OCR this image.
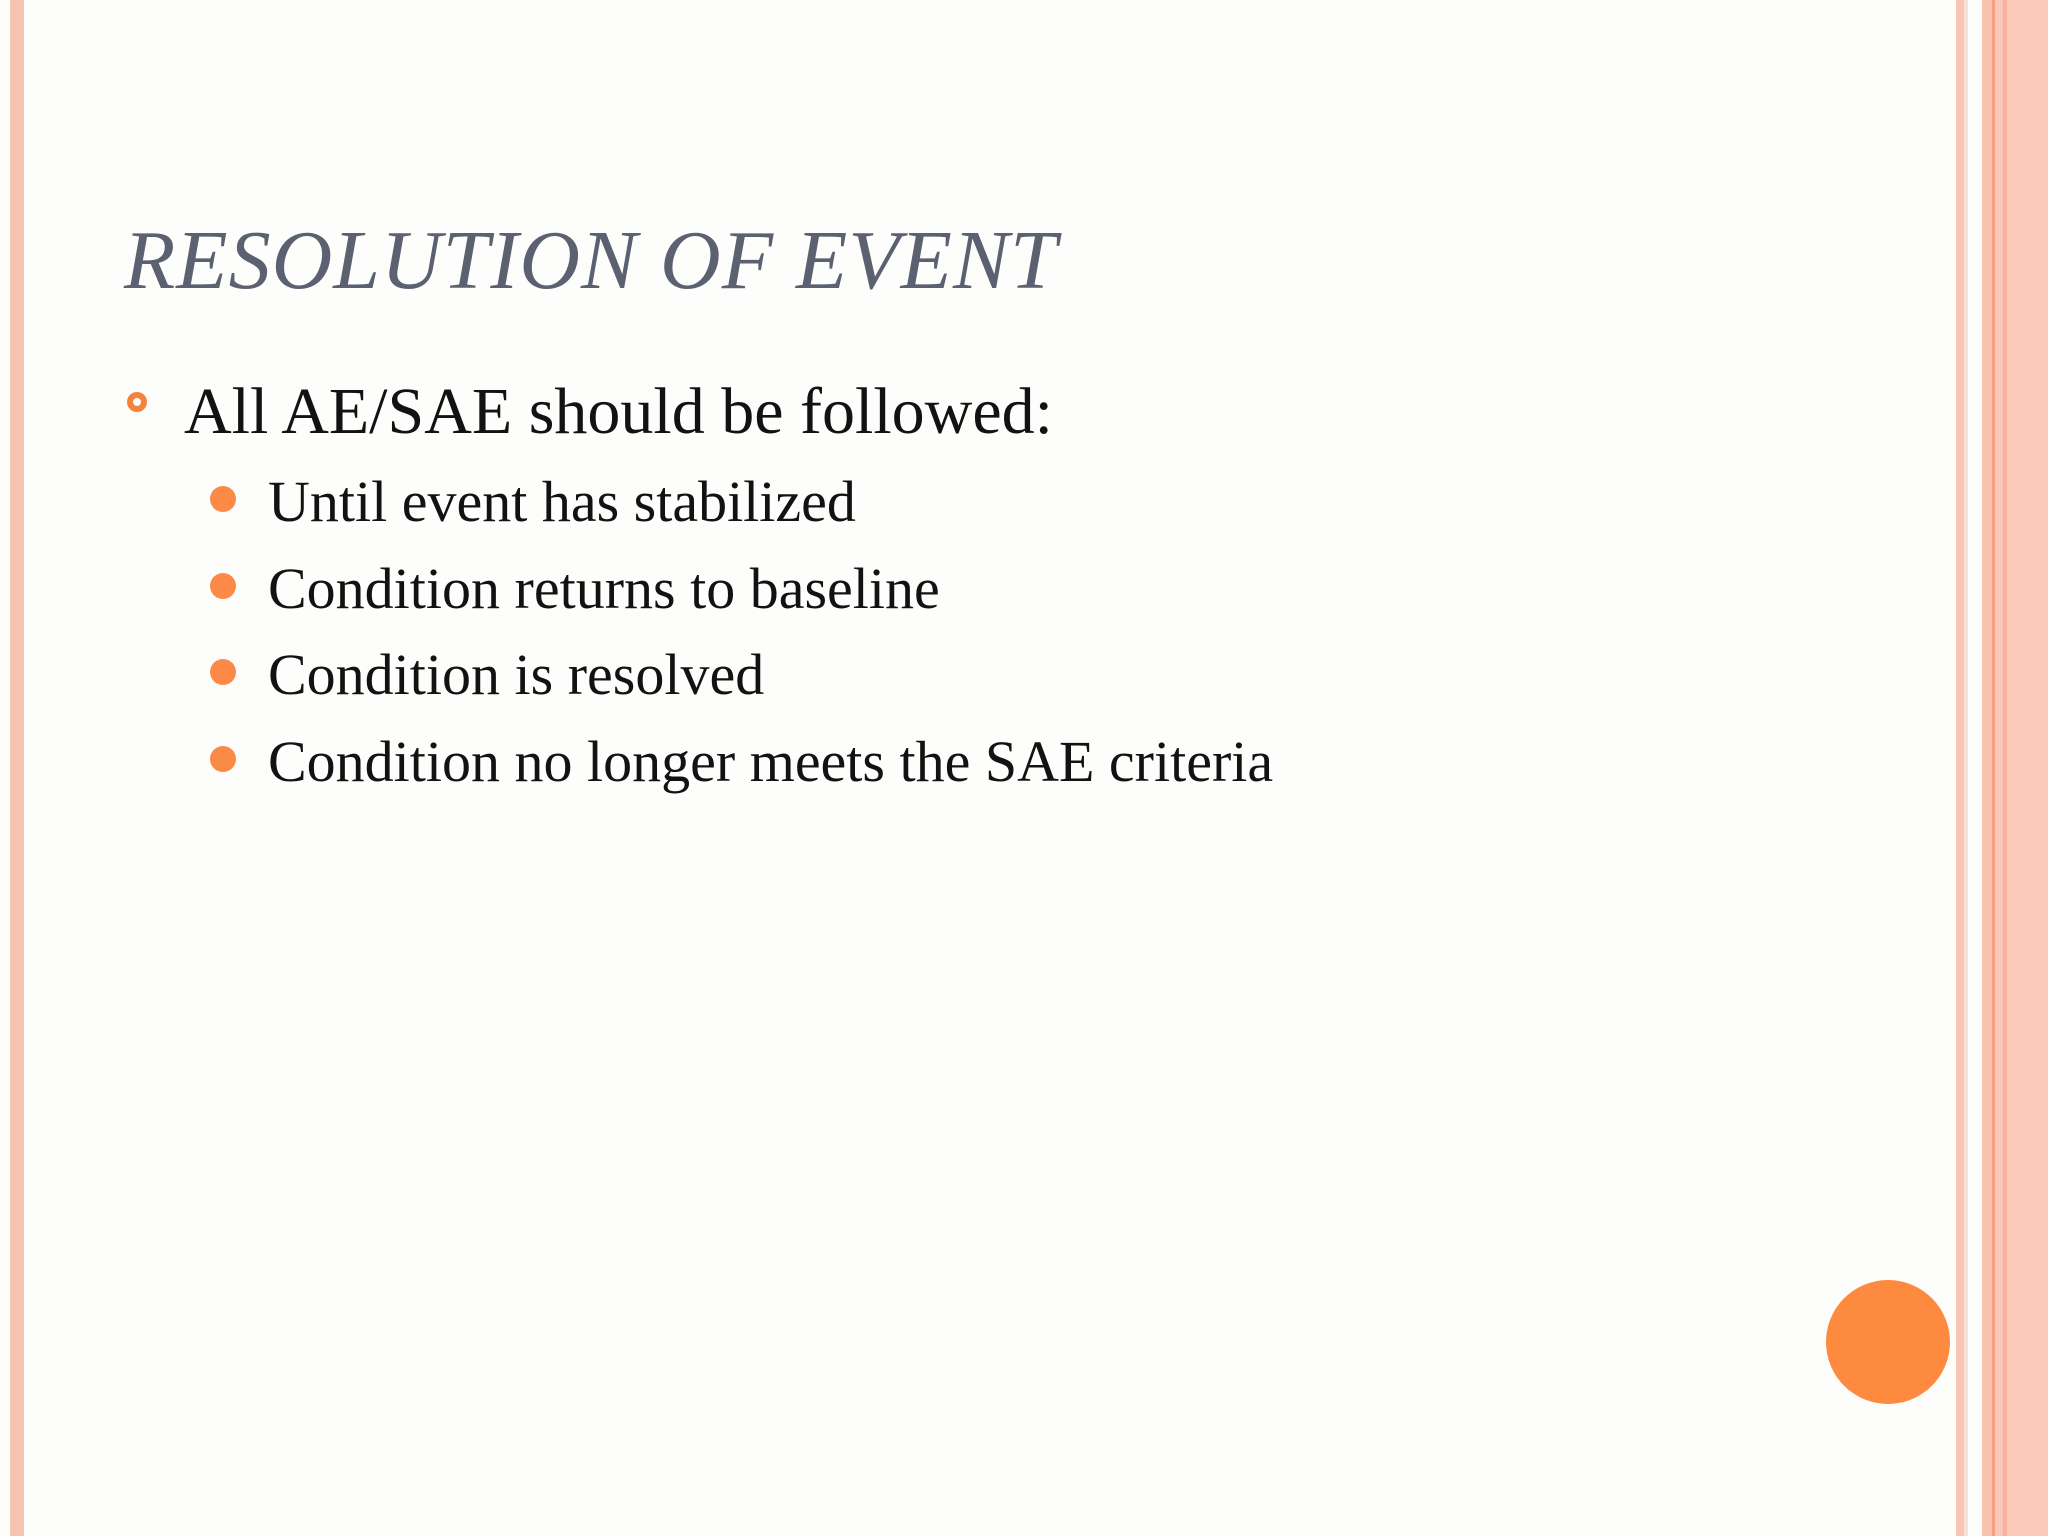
RESOLUTION OF EVENT
All AE/SAE should be followed:
Until event has stabilized
Condition returns to baseline
Condition is resolved
Condition no longer meets the SAE criteria
